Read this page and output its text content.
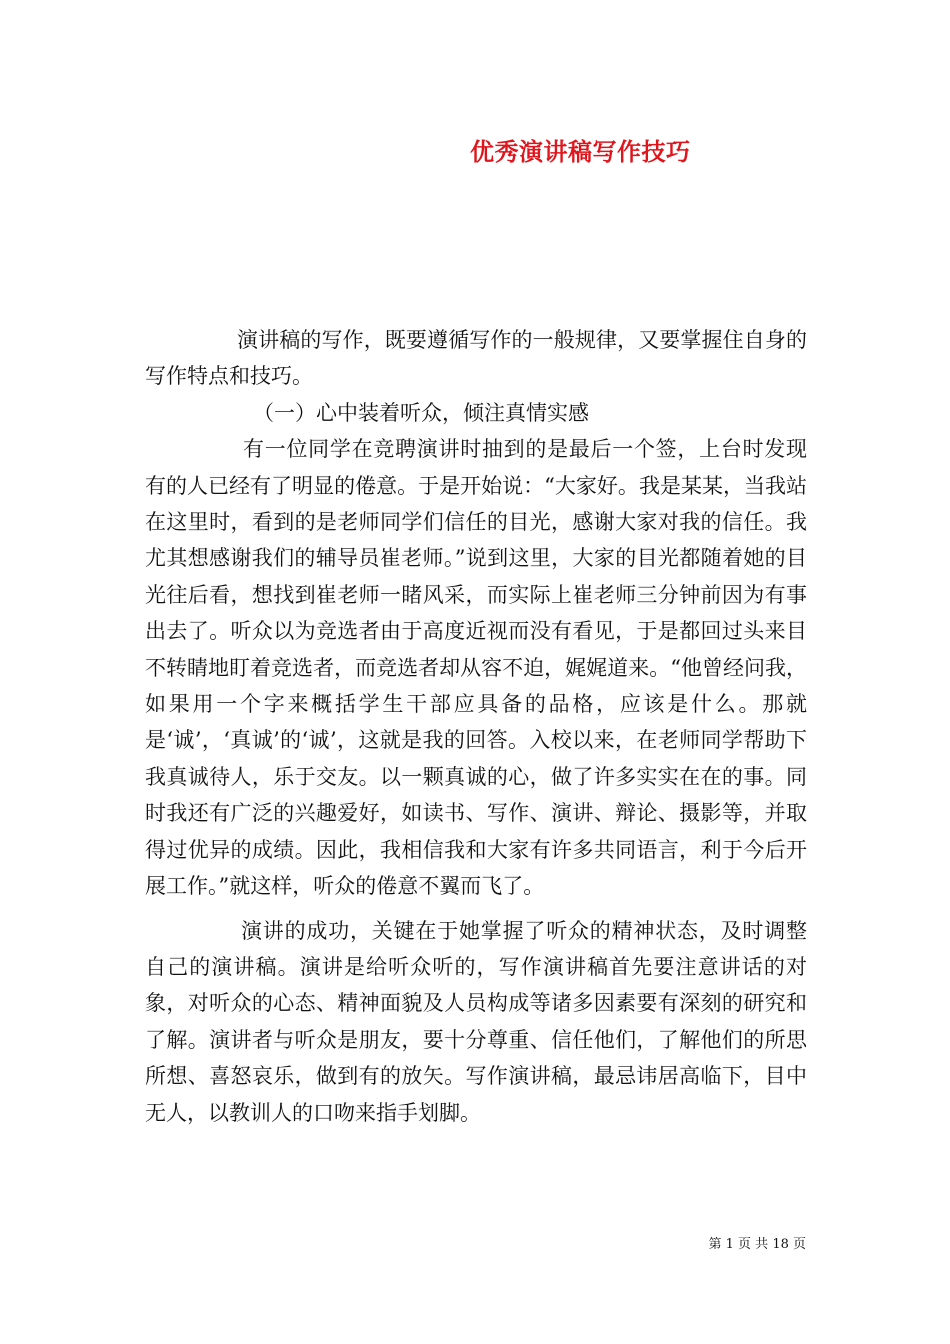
优秀演讲稿写作技巧

演讲稿的写作，既要遵循写作的一般规律，又要掌握住自身的写作特点和技巧。

（一）心中装着听众，倾注真情实感

有一位同学在竞聘演讲时抽到的是最后一个签，上台时发现有的人已经有了明显的倦意。于是开始说：“大家好。我是某某，当我站在这里时，看到的是老师同学们信任的目光，感谢大家对我的信任。我尤其想感谢我们的辅导员崔老师。”说到这里，大家的目光都随着她的目光往后看，想找到崔老师一睹风采，而实际上崔老师三分钟前因为有事出去了。听众以为竞选者由于高度近视而没有看见，于是都回过头来目不转睛地盯着竞选者，而竞选者却从容不迫，娓娓道来。“他曾经问我，如果用一个字来概括学生干部应具备的品格，应该是什么。那就是‘诚’，‘真诚’的‘诚’，这就是我的回答。入校以来，在老师同学帮助下我真诚待人，乐于交友。以一颗真诚的心，做了许多实实在在的事。同时我还有广泛的兴趣爱好，如读书、写作、演讲、辩论、摄影等，并取得过优异的成绩。因此，我相信我和大家有许多共同语言，利于今后开展工作。”就这样，听众的倦意不翼而飞了。

演讲的成功，关键在于她掌握了听众的精神状态，及时调整自己的演讲稿。演讲是给听众听的，写作演讲稿首先要注意讲话的对象，对听众的心态、精神面貌及人员构成等诸多因素要有深刻的研究和了解。演讲者与听众是朋友，要十分尊重、信任他们，了解他们的所思所想、喜怒哀乐，做到有的放矢。写作演讲稿，最忌讳居高临下，目中无人，以教训人的口吻来指手划脚。

第 1 页 共 18 页
